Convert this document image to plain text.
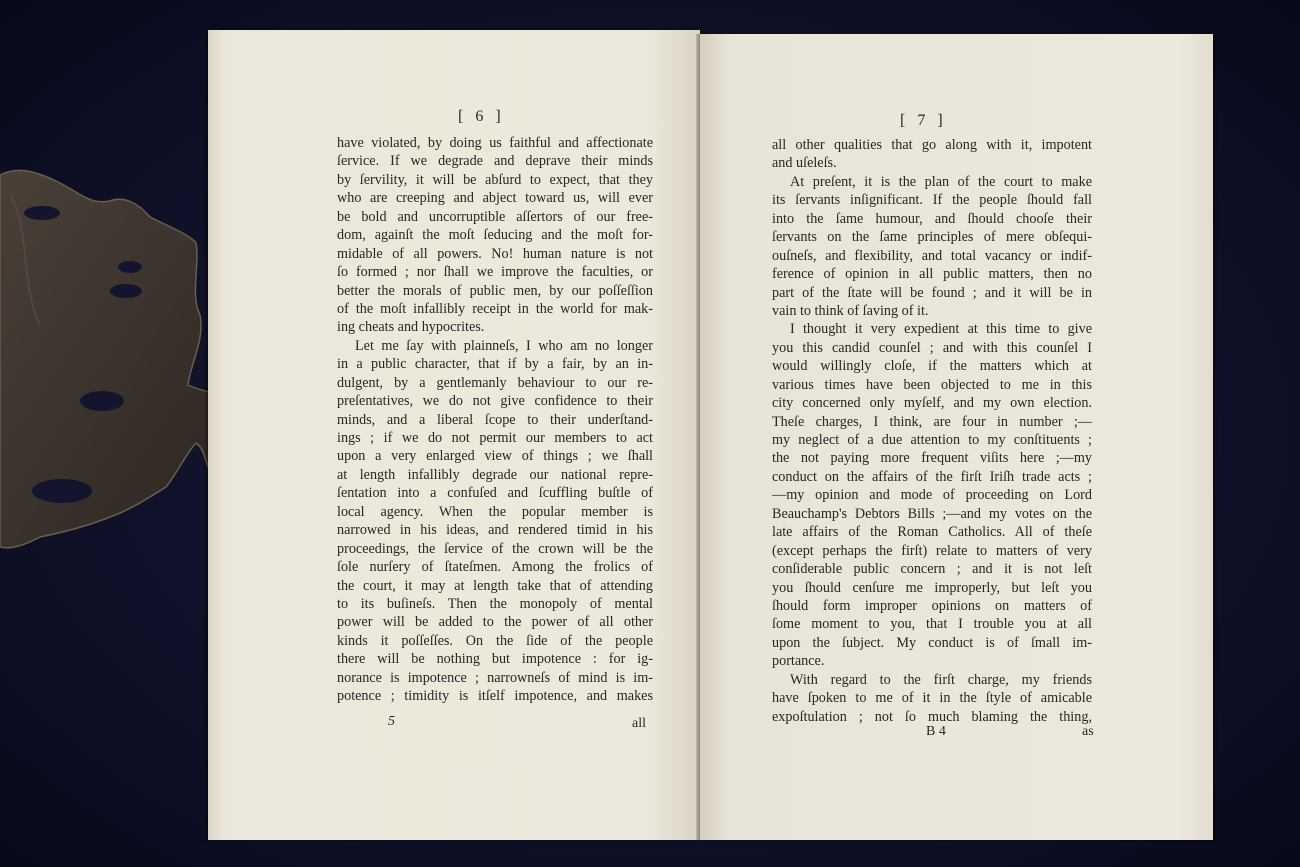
[ 6 ]
have violated, by doing us faithful and affectionate
ſervice. If we degrade and deprave their minds
by ſervility, it will be abſurd to expect, that they
who are creeping and abject toward us, will ever
be bold and uncorruptible aſſertors of our free-
dom, againſt the moſt ſeducing and the moſt for-
midable of all powers. No! human nature is not
ſo formed ; nor ſhall we improve the faculties, or
better the morals of public men, by our poſſeſſion
of the moſt infallibly receipt in the world for mak-
ing cheats and hypocrites.
Let me ſay with plainneſs, I who am no longer
in a public character, that if by a fair, by an in-
dulgent, by a gentlemanly behaviour to our re-
preſentatives, we do not give confidence to their
minds, and a liberal ſcope to their underſtand-
ings ; if we do not permit our members to act
upon a very enlarged view of things ; we ſhall
at length infallibly degrade our national repre-
ſentation into a confuſed and ſcuffling buſtle of
local agency. When the popular member is
narrowed in his ideas, and rendered timid in his
proceedings, the ſervice of the crown will be the
ſole nurſery of ſtateſmen. Among the frolics of
the court, it may at length take that of attending
to its buſineſs. Then the monopoly of mental
power will be added to the power of all other
kinds it poſſeſſes. On the ſide of the people
there will be nothing but impotence : for ig-
norance is impotence ; narrowneſs of mind is im-
potence ; timidity is itſelf impotence, and makes
5	all
[ 7 ]
all other qualities that go along with it, impotent
and uſeleſs.
At preſent, it is the plan of the court to make
its ſervants inſignificant. If the people ſhould fall
into the ſame humour, and ſhould chooſe their
ſervants on the ſame principles of mere obſequi-
ouſneſs, and flexibility, and total vacancy or indif-
ference of opinion in all public matters, then no
part of the ſtate will be found ; and it will be in
vain to think of ſaving of it.
I thought it very expedient at this time to give
you this candid counſel ; and with this counſel I
would willingly cloſe, if the matters which at
various times have been objected to me in this
city concerned only myſelf, and my own election.
Theſe charges, I think, are four in number ;—
my neglect of a due attention to my conſtituents ;
the not paying more frequent viſits here ;—my
conduct on the affairs of the firſt Iriſh trade acts ;
—my opinion and mode of proceeding on Lord
Beauchamp's Debtors Bills ;—and my votes on the
late affairs of the Roman Catholics. All of theſe
(except perhaps the firſt) relate to matters of very
conſiderable public concern ; and it is not leſt
you ſhould cenſure me improperly, but leſt you
ſhould form improper opinions on matters of
ſome moment to you, that I trouble you at all
upon the ſubject. My conduct is of ſmall im-
portance.
With regard to the firſt charge, my friends
have ſpoken to me of it in the ſtyle of amicable
expoſtulation ; not ſo much blaming the thing,
B 4	as
